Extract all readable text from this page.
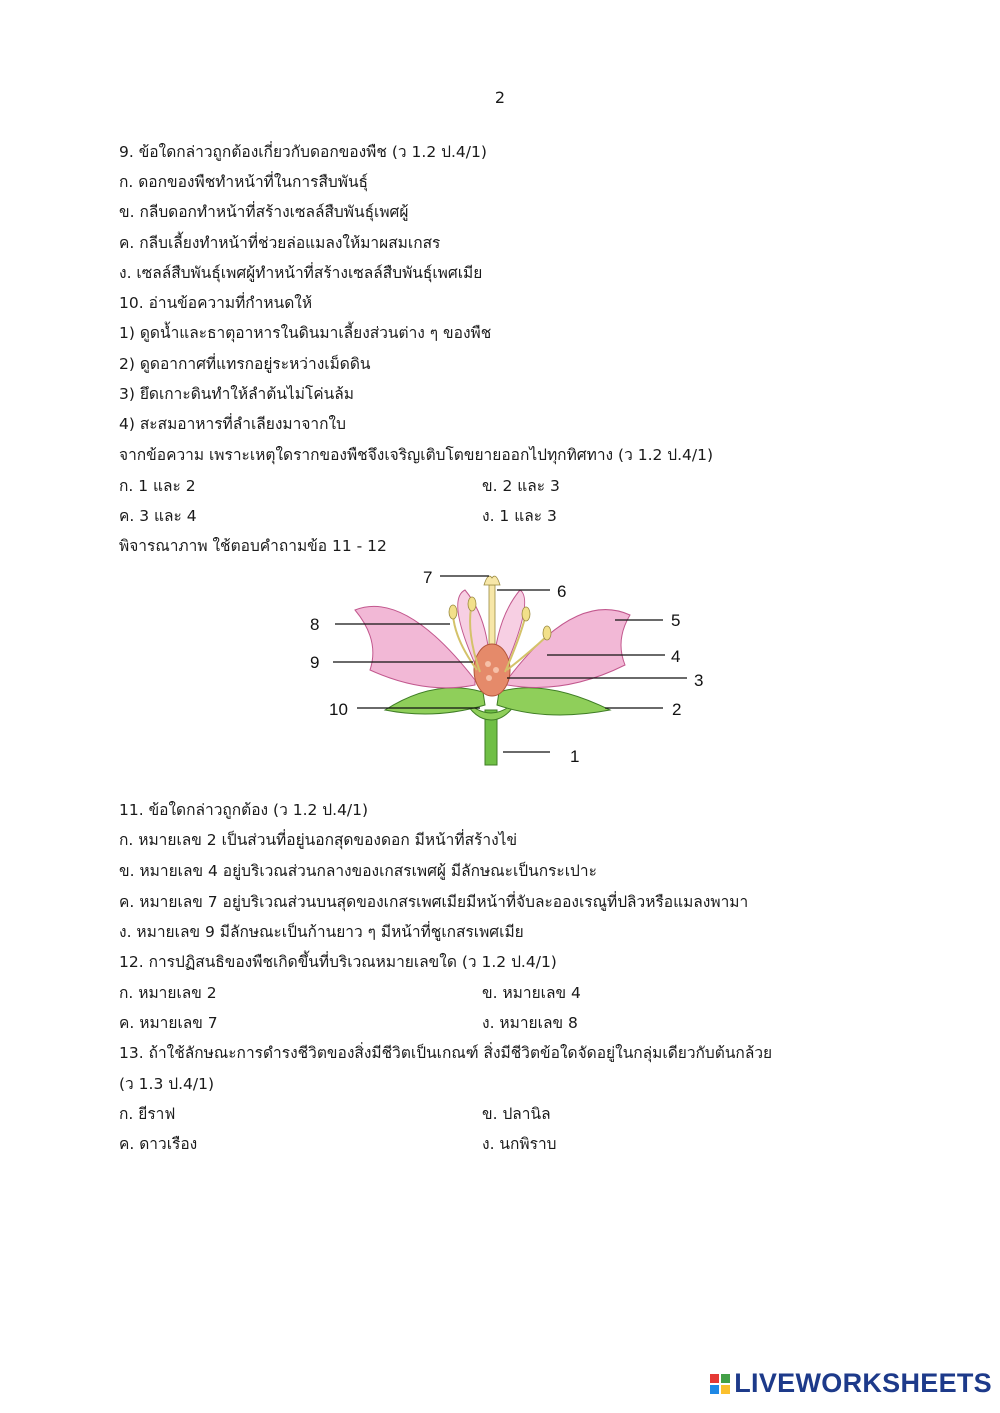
2
9. ข้อใดกล่าวถูกต้องเกี่ยวกับดอกของพืช (ว 1.2 ป.4/1)
ก. ดอกของพืชทำหน้าที่ในการสืบพันธุ์
ข. กลีบดอกทำหน้าที่สร้างเซลล์สืบพันธุ์เพศผู้
ค. กลีบเลี้ยงทำหน้าที่ช่วยล่อแมลงให้มาผสมเกสร
ง. เซลล์สืบพันธุ์เพศผู้ทำหน้าที่สร้างเซลล์สืบพันธุ์เพศเมีย
10. อ่านข้อความที่กำหนดให้
1) ดูดน้ำและธาตุอาหารในดินมาเลี้ยงส่วนต่าง ๆ ของพืช
2) ดูดอากาศที่แทรกอยู่ระหว่างเม็ดดิน
3) ยึดเกาะดินทำให้ลำต้นไม่โค่นล้ม
4) สะสมอาหารที่ลำเลียงมาจากใบ
จากข้อความ เพราะเหตุใดรากของพืชจึงเจริญเติบโตขยายออกไปทุกทิศทาง (ว 1.2 ป.4/1)
ก. 1 และ 2	ข. 2 และ 3
ค. 3 และ 4	ง. 1 และ 3
พิจารณาภาพ ใช้ตอบคำถามข้อ 11 - 12
1
2
3
4
5
6
7
8
9
10
11. ข้อใดกล่าวถูกต้อง (ว 1.2 ป.4/1)
ก. หมายเลข 2 เป็นส่วนที่อยู่นอกสุดของดอก มีหน้าที่สร้างไข่
ข. หมายเลข 4 อยู่บริเวณส่วนกลางของเกสรเพศผู้ มีลักษณะเป็นกระเปาะ
ค. หมายเลข 7 อยู่บริเวณส่วนบนสุดของเกสรเพศเมียมีหน้าที่จับละอองเรณูที่ปลิวหรือแมลงพามา
ง. หมายเลข 9 มีลักษณะเป็นก้านยาว ๆ มีหน้าที่ชูเกสรเพศเมีย
12. การปฏิสนธิของพืชเกิดขึ้นที่บริเวณหมายเลขใด (ว 1.2 ป.4/1)
ก. หมายเลข 2	ข. หมายเลข 4
ค. หมายเลข 7	ง. หมายเลข 8
13. ถ้าใช้ลักษณะการดำรงชีวิตของสิ่งมีชีวิตเป็นเกณฑ์ สิ่งมีชีวิตข้อใดจัดอยู่ในกลุ่มเดียวกับต้นกล้วย
(ว 1.3 ป.4/1)
ก. ยีราฟ	ข. ปลานิล
ค. ดาวเรือง	ง. นกพิราบ
LIVEWORKSHEETS
